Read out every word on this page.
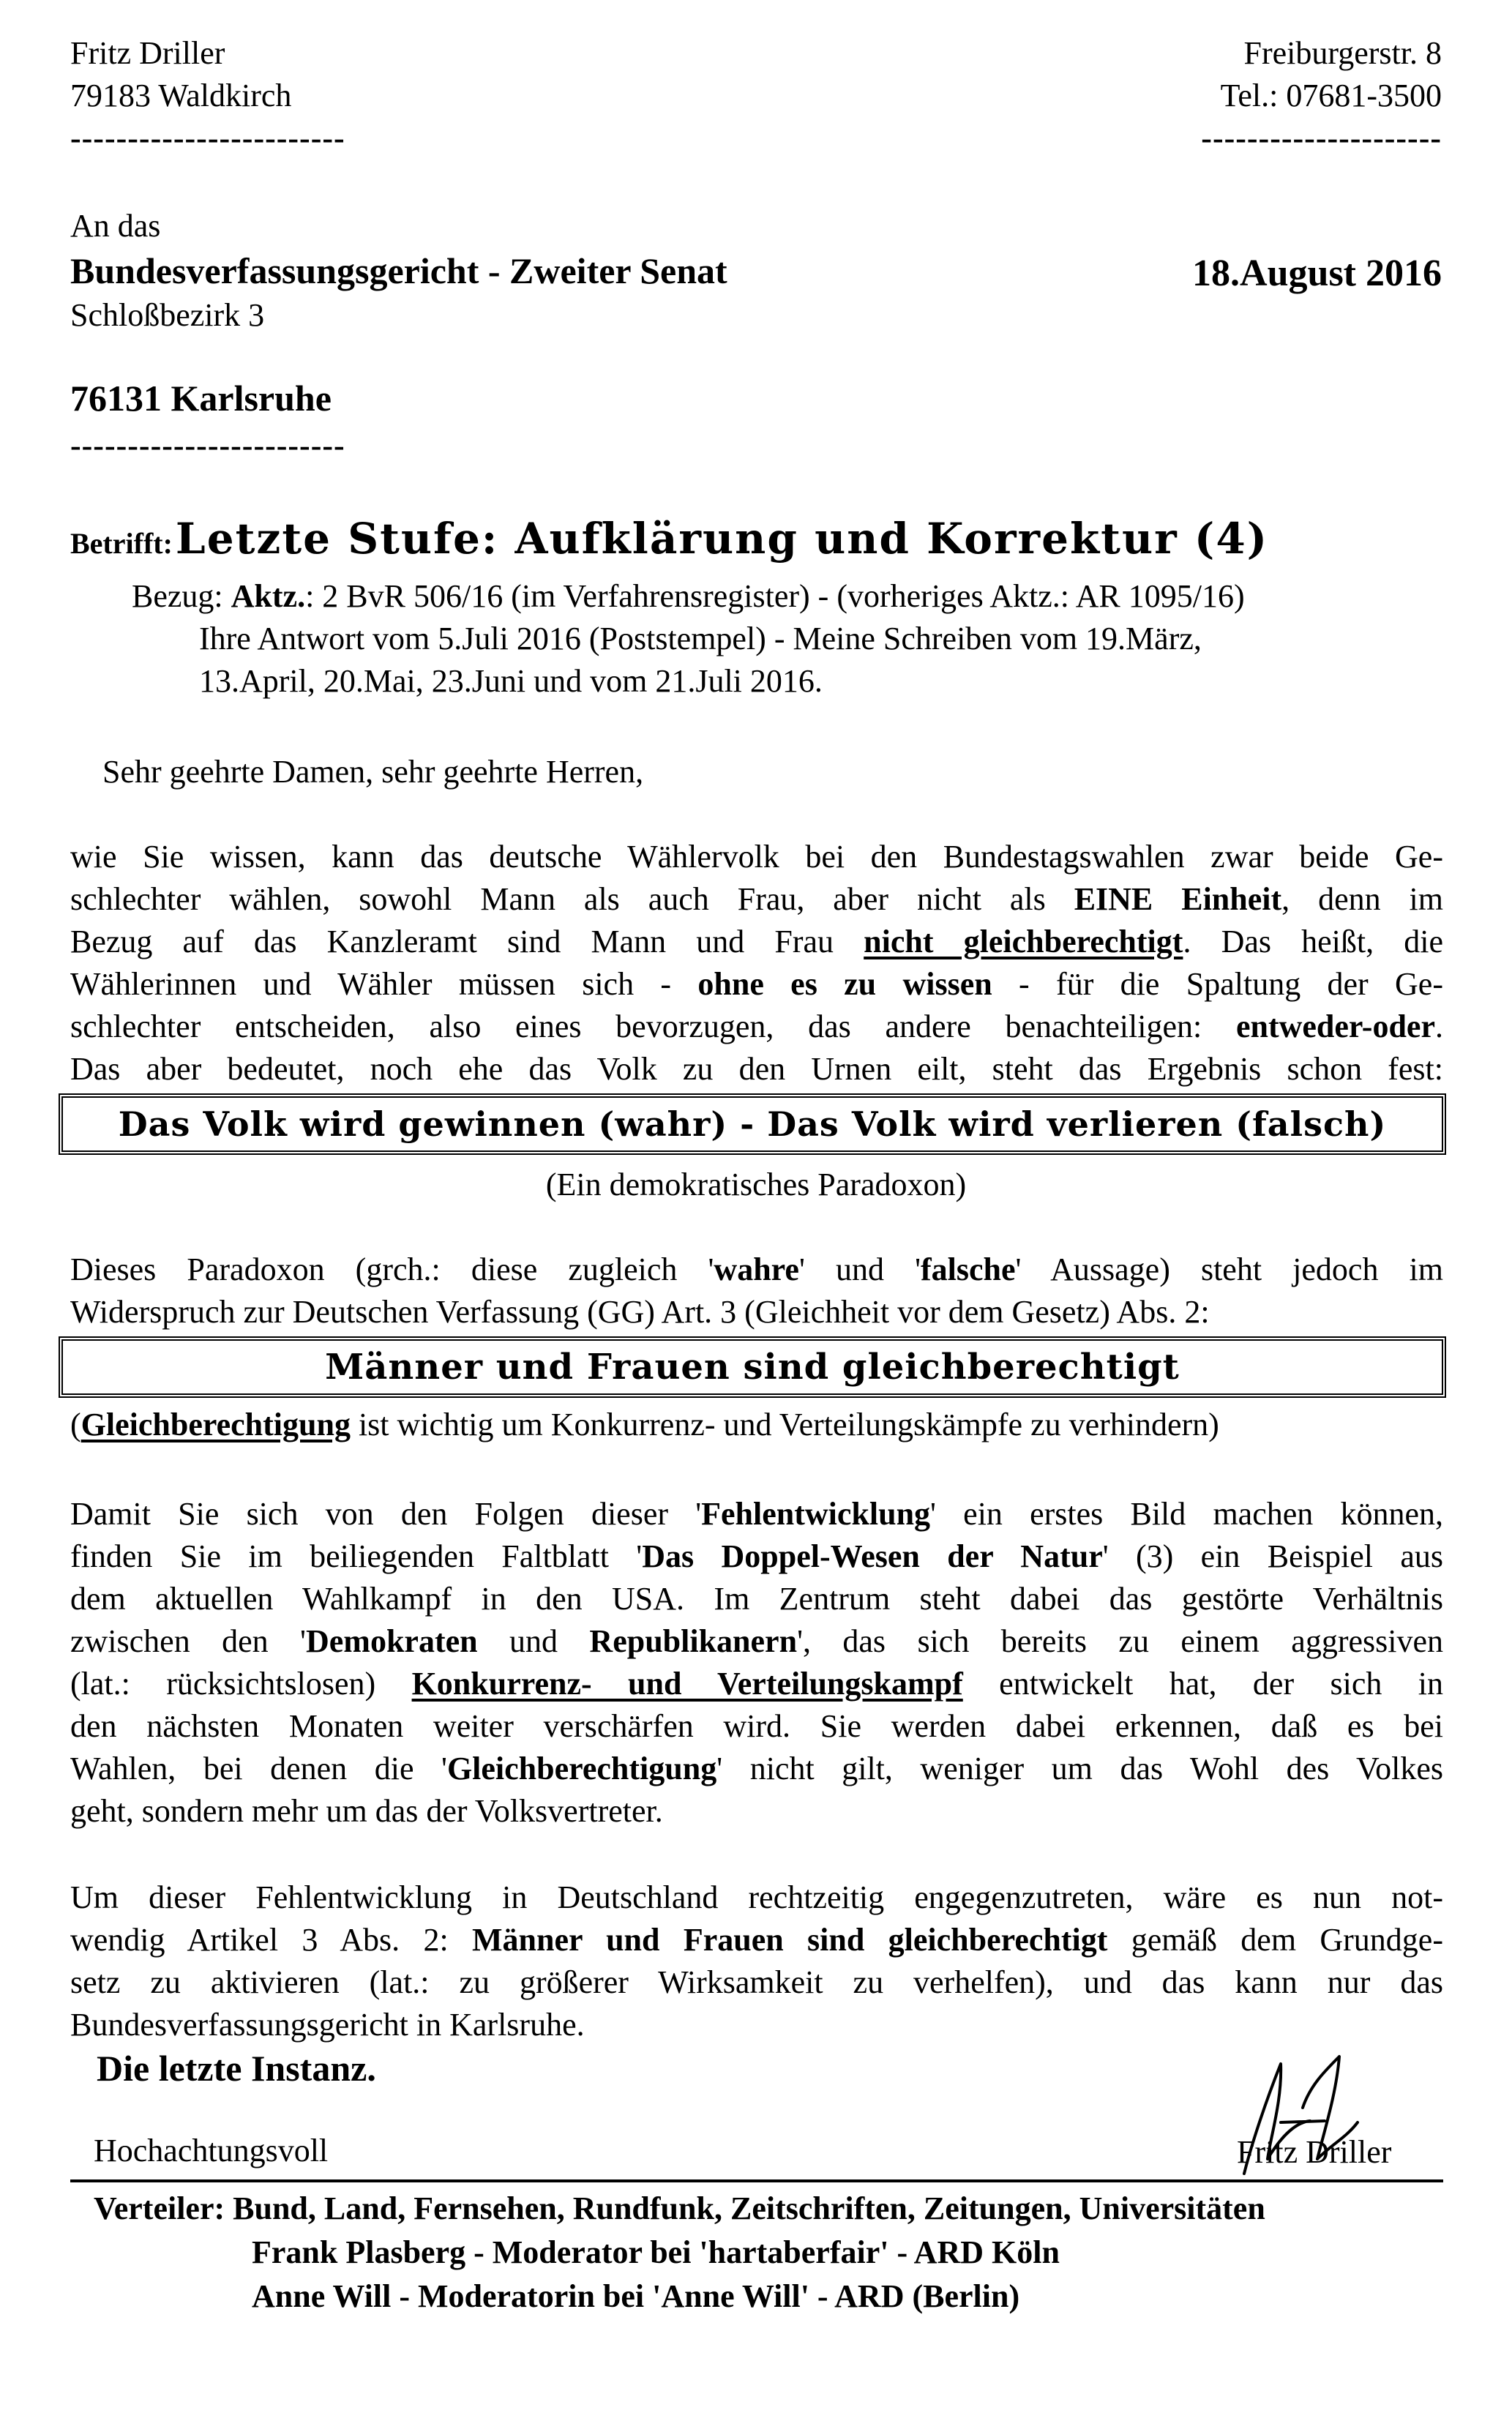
Fritz Driller
79183 Waldkirch
------------------------
Freiburgerstr. 8
Tel.: 07681-3500
---------------------
An das
Bundesverfassungsgericht - Zweiter Senat
Schloßbezirk 3
76131 Karlsruhe
------------------------
18.August 2016
Betrifft: Letzte Stufe: Aufklärung und Korrektur (4)
Bezug: Aktz.: 2 BvR 506/16 (im Verfahrensregister) - (vorheriges Aktz.: AR 1095/16)
Ihre Antwort vom 5.Juli 2016 (Poststempel) - Meine Schreiben vom 19.März,
13.April, 20.Mai, 23.Juni und vom 21.Juli 2016.
Sehr geehrte Damen, sehr geehrte Herren,
wie Sie wissen, kann das deutsche Wählervolk bei den Bundestagswahlen zwar beide Ge-
schlechter wählen, sowohl Mann als auch Frau, aber nicht als EINE Einheit, denn im
Bezug auf das Kanzleramt sind Mann und Frau nicht gleichberechtigt. Das heißt, die
Wählerinnen und Wähler müssen sich - ohne es zu wissen - für die Spaltung der Ge-
schlechter entscheiden, also eines bevorzugen, das andere benachteiligen: entweder-oder.
Das aber bedeutet, noch ehe das Volk zu den Urnen eilt, steht das Ergebnis schon fest:
Das Volk wird gewinnen (wahr) - Das Volk wird verlieren (falsch)
(Ein demokratisches Paradoxon)
Dieses Paradoxon (grch.: diese zugleich 'wahre' und 'falsche' Aussage) steht jedoch im
Widerspruch zur Deutschen Verfassung (GG) Art. 3 (Gleichheit vor dem Gesetz) Abs. 2:
Männer und Frauen sind gleichberechtigt
(Gleichberechtigung ist wichtig um Konkurrenz- und Verteilungskämpfe zu verhindern)
Damit Sie sich von den Folgen dieser 'Fehlentwicklung' ein erstes Bild machen können,
finden Sie im beiliegenden Faltblatt 'Das Doppel-Wesen der Natur' (3) ein Beispiel aus
dem aktuellen Wahlkampf in den USA. Im Zentrum steht dabei das gestörte Verhältnis
zwischen den 'Demokraten und Republikanern', das sich bereits zu einem aggressiven
(lat.: rücksichtslosen) Konkurrenz- und Verteilungskampf entwickelt hat, der sich in
den nächsten Monaten weiter verschärfen wird. Sie werden dabei erkennen, daß es bei
Wahlen, bei denen die 'Gleichberechtigung' nicht gilt, weniger um das Wohl des Volkes
geht, sondern mehr um das der Volksvertreter.
Um dieser Fehlentwicklung in Deutschland rechtzeitig engegenzutreten, wäre es nun not-
wendig Artikel 3 Abs. 2: Männer und Frauen sind gleichberechtigt gemäß dem Grundge-
setz zu aktivieren (lat.: zu größerer Wirksamkeit zu verhelfen), und das kann nur das
Bundesverfassungsgericht in Karlsruhe.
Die letzte Instanz.
Hochachtungsvoll	Fritz Driller
Verteiler: Bund, Land, Fernsehen, Rundfunk, Zeitschriften, Zeitungen, Universitäten
Frank Plasberg - Moderator bei 'hartaberfair' - ARD Köln
Anne Will - Moderatorin bei 'Anne Will' - ARD (Berlin)
